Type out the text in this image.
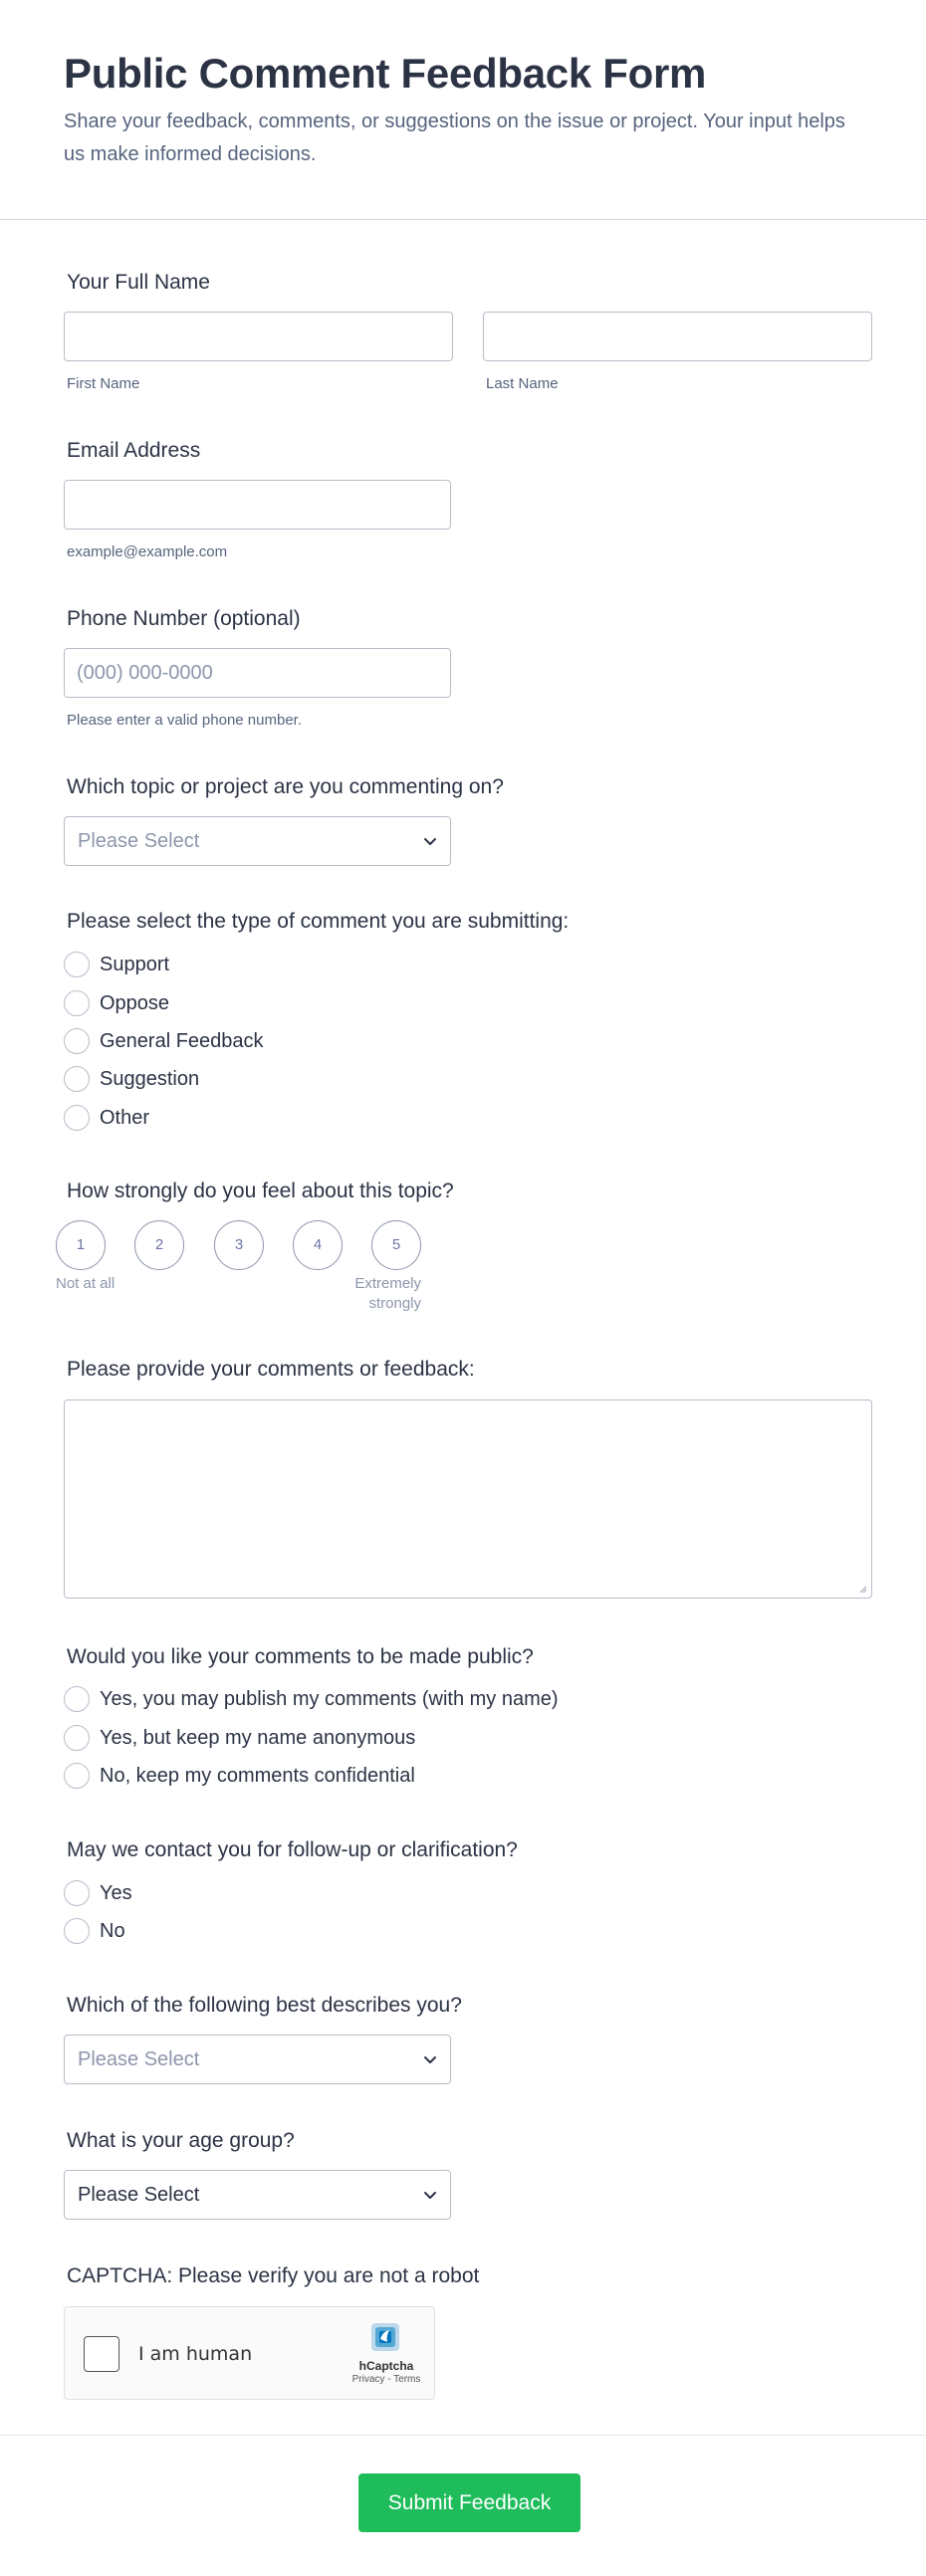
Public Comment Feedback Form
Share your feedback, comments, or suggestions on the issue or project. Your input helps us make informed decisions.
Your Full Name
First Name	Last Name
Email Address
example@example.com
Phone Number (optional)
(000) 000-0000
Please enter a valid phone number.
Which topic or project are you commenting on?
Please Select
Please select the type of comment you are submitting:
Support
Oppose
General Feedback
Suggestion
Other
How strongly do you feel about this topic?
1	2	3	4	5
Not at all	Extremely
strongly
Please provide your comments or feedback:
Would you like your comments to be made public?
Yes, you may publish my comments (with my name)
Yes, but keep my name anonymous
No, keep my comments confidential
May we contact you for follow-up or clarification?
Yes
No
Which of the following best describes you?
Please Select
What is your age group?
Please Select
CAPTCHA: Please verify you are not a robot
I am human
hCaptcha
Privacy - Terms
Submit Feedback
